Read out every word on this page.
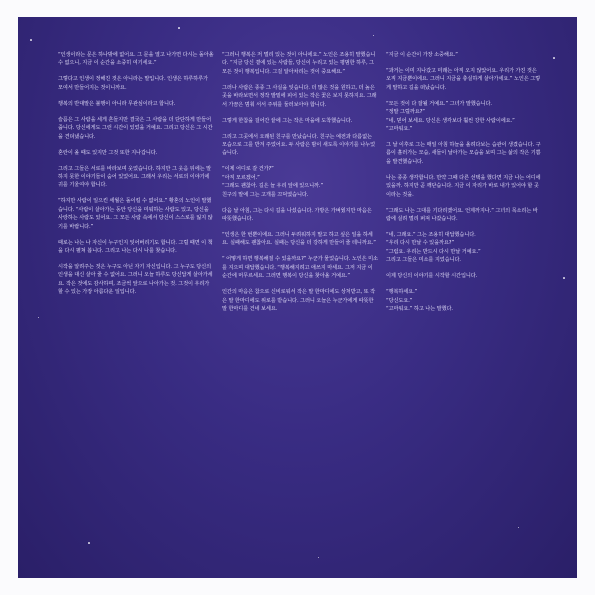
“인생이라는 문은 하나밖에 없어요. 그 문을 열고 나가면 다시는 돌아올 수 없으니, 지금 이 순간을 소중히 여기세요.”

그렇다고 인생이 정해진 것은 아니라는 말입니다. 인생은 하루하루가 모여서 만들어지는 것이니까요.

행복의 반대말은 불행이 아니라 무관심이라고 합니다.

슬픔은 그 사람을 세게 흔들지만 결국은 그 사람을 더 단단하게 만들어 줍니다. 당신에게도 그런 시간이 있었을 거예요. 그리고 당신은 그 시간을 견뎌냈습니다.

혼란이 올 때도 있지만 그것 또한 지나갑니다.

그리고 그들은 서로를 바라보며 웃었습니다. 하지만 그 웃음 뒤에는 말하지 못한 이야기들이 숨어 있었어요. 그래서 우리는 서로의 이야기에 귀를 기울여야 합니다.

“하지만 사람이 일으킨 세월은 돌이킬 수 없어요.” 황혼의 노인이 말했습니다. “사람이 살아가는 동안 당신을 미워하는 사람도 있고, 당신을 사랑하는 사람도 있어요. 그 모든 사람 속에서 당신이 스스로를 잃지 않기를 바랍니다.”

때로는 나는 나 자신이 누구인지 잊어버리기도 합니다. 그럴 때면 이 책을 다시 펼쳐 봅니다. 그리고 나는 다시 나를 찾습니다.

시작을 알려주는 것은 누구도 아닌 자기 자신입니다. 그 누구도 당신의 인생을 대신 살아 줄 수 없어요. 그러니 오늘 하루도 당신답게 살아가세요. 작은 것에도 감사하며, 조금씩 앞으로 나아가는 것. 그것이 우리가 할 수 있는 가장 아름다운 일입니다.

“그러니 행복은 저 멀리 있는 것이 아니에요.” 노인은 조용히 말했습니다. “지금 당신 곁에 있는 사람들, 당신이 누리고 있는 평범한 하루, 그 모든 것이 행복입니다. 그걸 알아차리는 것이 중요해요.”

그러나 사람은 종종 그 사실을 잊습니다. 더 많은 것을 원하고, 더 높은 곳을 바라보면서 정작 발밑에 피어 있는 작은 꽃은 보지 못하지요. 그래서 가끔은 멈춰 서서 주위를 둘러보아야 합니다.

그렇게 한참을 걸어간 끝에 그는 작은 마을에 도착했습니다.

그리고 그곳에서 오래된 친구를 만났습니다. 친구는 예전과 다름없는 모습으로 그를 반겨 주었어요. 두 사람은 밤이 새도록 이야기를 나누었습니다.

“이제 어디로 갈 건가?”
“아직 모르겠어.”
“그래도 괜찮아. 길은 늘 우리 앞에 있으니까.”
친구의 말에 그는 고개를 끄덕였습니다.

다음 날 아침, 그는 다시 길을 나섰습니다. 가방은 가벼웠지만 마음은 따뜻했습니다.

“인생은 한 번뿐이에요. 그러니 두려워하지 말고 하고 싶은 일을 하세요. 실패해도 괜찮아요. 실패는 당신을 더 강하게 만들어 줄 테니까요.”

“ 어떻게 하면 행복해질 수 있을까요?” 누군가 물었습니다. 노인은 미소를 지으며 대답했습니다. “행복해지려고 애쓰지 마세요. 그저 지금 이 순간에 머무르세요. 그러면 행복이 당신을 찾아올 거예요.”

인간의 마음은 참으로 신비로워서 작은 말 한마디에도 상처받고, 또 작은 말 한마디에도 위로를 받습니다. 그러니 오늘은 누군가에게 따뜻한 말 한마디를 건네 보세요.

“지금 이 순간이 가장 소중해요.”

“과거는 이미 지나갔고 미래는 아직 오지 않았어요. 우리가 가진 것은 오직 지금뿐이에요. 그러니 지금을 충실하게 살아가세요.” 노인은 그렇게 말하고 길을 떠났습니다.

“모든 것이 다 잘될 거예요.” 그녀가 말했습니다.
“정말 그럴까요?”
“네, 믿어 보세요. 당신은 생각보다 훨씬 강한 사람이에요.”
“고마워요.”

그 날 이후로 그는 매일 아침 하늘을 올려다보는 습관이 생겼습니다. 구름이 흘러가는 모습, 새들이 날아가는 모습을 보며 그는 삶의 작은 기쁨을 발견했습니다.

나는 종종 생각합니다. 만약 그때 다른 선택을 했다면 지금 나는 어디에 있을까. 하지만 곧 깨닫습니다. 지금 이 자리가 바로 내가 있어야 할 곳이라는 것을.

“그래도 나는 그대를 기다리겠어요. 언제까지나.” 그녀의 목소리는 바람에 실려 멀리 퍼져 나갔습니다.

“네, 그래요.” 그는 조용히 대답했습니다.
“우리 다시 만날 수 있을까요?”
“그럼요. 우리는 반드시 다시 만날 거예요.”
그리고 그들은 미소를 지었습니다.

이제 당신의 이야기를 시작할 시간입니다.

“행복하세요.”
“당신도요.”
“고마워요.” 하고 나는 말했다.
